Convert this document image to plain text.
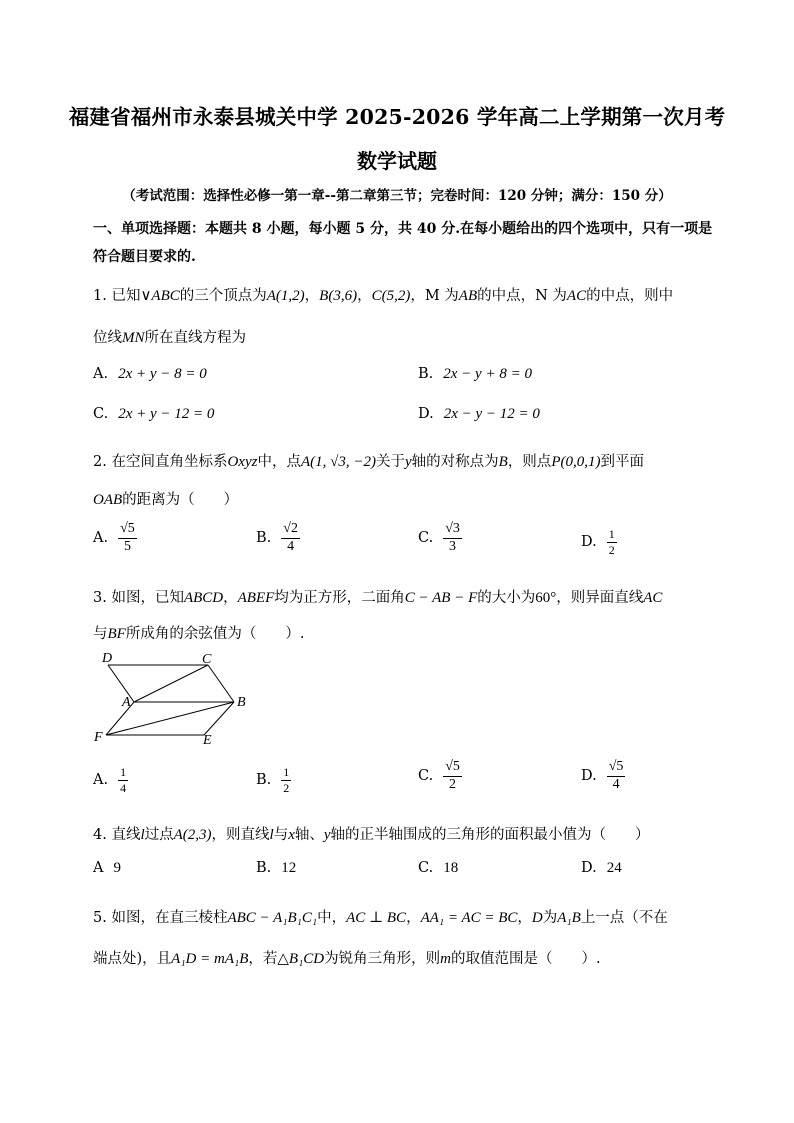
福建省福州市永泰县城关中学 2025-2026 学年高二上学期第一次月考
数学试题
（考试范围：选择性必修一第一章--第二章第三节；完卷时间：120 分钟；满分：150 分）
一、单项选择题：本题共 8 小题，每小题 5 分，共 40 分.在每小题给出的四个选项中，只有一项是
符合题目要求的.
1. 已知∨ABC的三个顶点为A(1,2)，B(3,6)，C(5,2)，M 为AB的中点，N 为AC的中点，则中
位线MN所在直线方程为
A. 2x + y − 8 = 0	B. 2x − y + 8 = 0
C. 2x + y − 12 = 0	D. 2x − y − 12 = 0
2. 在空间直角坐标系Oxyz中，点A(1, √3, −2)关于y轴的对称点为B，则点P(0,0,1)到平面
OAB的距离为（　　）
A. $\frac{√5}{5}$	B. $\frac{√2}{4}$	C. $\frac{√3}{3}$	D. $\frac{1}{2}$
3. 如图，已知ABCD，ABEF均为正方形，二面角C − AB − F的大小为60°，则异面直线AC
与BF所成角的余弦值为（　　）.
D	C
A	B
F	E
A. $\frac{1}{4}$	B. $\frac{1}{2}$	C. $\frac{√5}{2}$	D. $\frac{√5}{4}$
4. 直线l过点A(2,3)，则直线l与x轴、y轴的正半轴围成的三角形的面积最小值为（　　）
A 9	B. 12	C. 18	D. 24
5. 如图，在直三棱柱ABC − A₁B₁C₁中，AC ⊥ BC，AA₁ = AC = BC，D为A₁B上一点（不在
端点处)，且A₁D = mA₁B，若△B₁CD为锐角三角形，则m的取值范围是（　　）.
